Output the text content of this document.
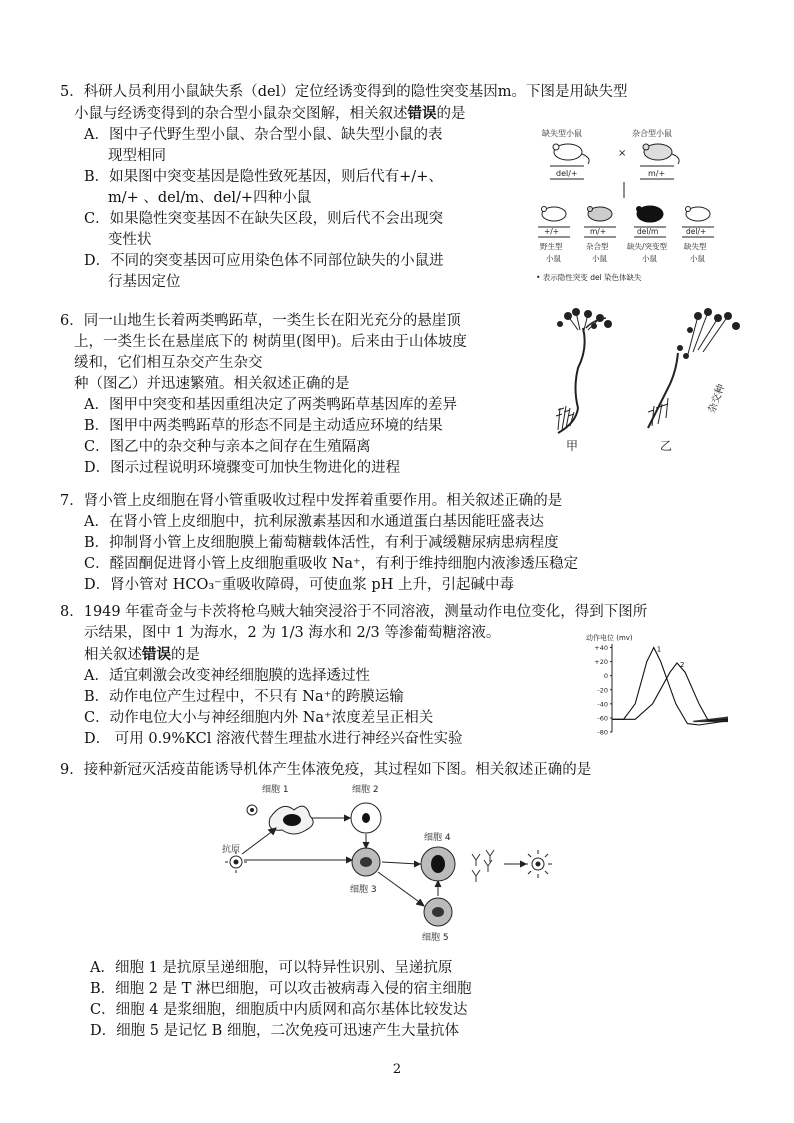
5．科研人员利用小鼠缺失系（del）定位经诱变得到的隐性突变基因m。下图是用缺失型
小鼠与经诱变得到的杂合型小鼠杂交图解，相关叙述错误的是
A．图中子代野生型小鼠、杂合型小鼠、缺失型小鼠的表
现型相同
B．如果图中突变基因是隐性致死基因，则后代有+/+、
m/+ 、del/m、del/+四种小鼠
C．如果隐性突变基因不在缺失区段，则后代不会出现突
变性状
D．不同的突变基因可应用染色体不同部位缺失的小鼠进
行基因定位
缺失型小鼠	杂合型小鼠
×
del/+	m/+
+/+	m/+	del/m	del/+
野生型	杂合型 缺失/突变型 缺失型
小鼠	小鼠	小鼠	小鼠
• 表示隐性突变 del 染色体缺失
6．同一山地生长着两类鸭跖草，一类生长在阳光充分的悬崖顶
上，一类生长在悬崖底下的 树荫里(图甲)。后来由于山体坡度
缓和，它们相互杂交产生杂交
种（图乙）并迅速繁殖。相关叙述正确的是
A．图甲中突变和基因重组决定了两类鸭跖草基因库的差异
B．图甲中两类鸭跖草的形态不同是主动适应环境的结果
C．图乙中的杂交种与亲本之间存在生殖隔离
D．图示过程说明环境骤变可加快生物进化的进程
杂交种
甲	乙
7．肾小管上皮细胞在肾小管重吸收过程中发挥着重要作用。相关叙述正确的是
A．在肾小管上皮细胞中，抗利尿激素基因和水通道蛋白基因能旺盛表达
B．抑制肾小管上皮细胞膜上葡萄糖载体活性，有利于减缓糖尿病患病程度
C．醛固酮促进肾小管上皮细胞重吸收 Na⁺，有利于维持细胞内液渗透压稳定
D．肾小管对 HCO₃⁻重吸收障碍，可使血浆 pH 上升，引起碱中毒
8．1949 年霍奇金与卡茨将枪乌贼大轴突浸浴于不同溶液，测量动作电位变化，得到下图所
示结果，图中 1 为海水，2 为 1/3 海水和 2/3 等渗葡萄糖溶液。
相关叙述错误的是
A．适宜刺激会改变神经细胞膜的选择透过性
B．动作电位产生过程中，不只有 Na⁺的跨膜运输
C．动作电位大小与神经细胞内外 Na⁺浓度差呈正相关
D． 可用 0.9%KCl 溶液代替生理盐水进行神经兴奋性实验
动作电位 (mv)
+40
+20
0
-20
-40
-60
-80
1
2
9．接种新冠灭活疫苗能诱导机体产生体液免疫，其过程如下图。相关叙述正确的是
细胞 1	细胞 2
抗原
细胞 3
细胞 4
细胞 5
A．细胞 1 是抗原呈递细胞，可以特异性识别、呈递抗原
B．细胞 2 是 T 淋巴细胞，可以攻击被病毒入侵的宿主细胞
C．细胞 4 是浆细胞，细胞质中内质网和高尔基体比较发达
D．细胞 5 是记忆 B 细胞，二次免疫可迅速产生大量抗体
2
